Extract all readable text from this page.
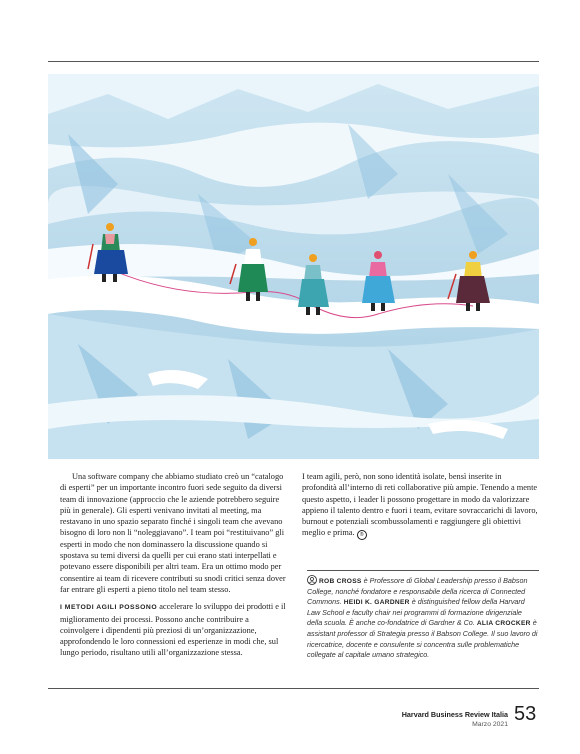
Una software company che abbiamo studiato creò un “catalogo di esperti” per un importante incontro fuori sede seguito da diversi team di innovazione (approccio che le aziende potrebbero seguire più in generale). Gli esperti venivano invitati al meeting, ma restavano in uno spazio separato finché i singoli team che avevano bisogno di loro non li “noleggiavano”. I team poi “restituivano” gli esperti in modo che non dominassero la discussione quando si spostava su temi diversi da quelli per cui erano stati interpellati e potevano essere disponibili per altri team. Era un ottimo modo per consentire ai team di ricevere contributi su snodi critici senza dover far entrare gli esperti a pieno titolo nel team stesso.

I METODI AGILI POSSONO accelerare lo sviluppo dei prodotti e il miglioramento dei processi. Possono anche contribuire a coinvolgere i dipendenti più preziosi di un’organizzazione, approfondendo le loro connessioni ed esperienze in modi che, sul lungo periodo, risultano utili all’organizzazione stessa.

I team agili, però, non sono identità isolate, bensì inserite in profondità all’interno di reti collaborative più ampie. Tenendo a mente questo aspetto, i leader li possono progettare in modo da valorizzare appieno il talento dentro e fuori i team, evitare sovraccarichi di lavoro, burnout e potenziali scombussolamenti e raggiungere gli obiettivi meglio e prima. ®

ROB CROSS è Professore di Global Leadership presso il Babson College, nonché fondatore e responsabile della ricerca di Connected Commons. HEIDI K. GARDNER è distinguished fellow della Harvard Law School e faculty chair nei programmi di formazione dirigenziale della scuola. È anche co-fondatrice di Gardner & Co. ALIA CROCKER è assistant professor di Strategia presso il Babson College. Il suo lavoro di ricercatrice, docente e consulente si concentra sulle problematiche collegate al capitale umano strategico.
Harvard Business Review Italia
Marzo 2021 53
